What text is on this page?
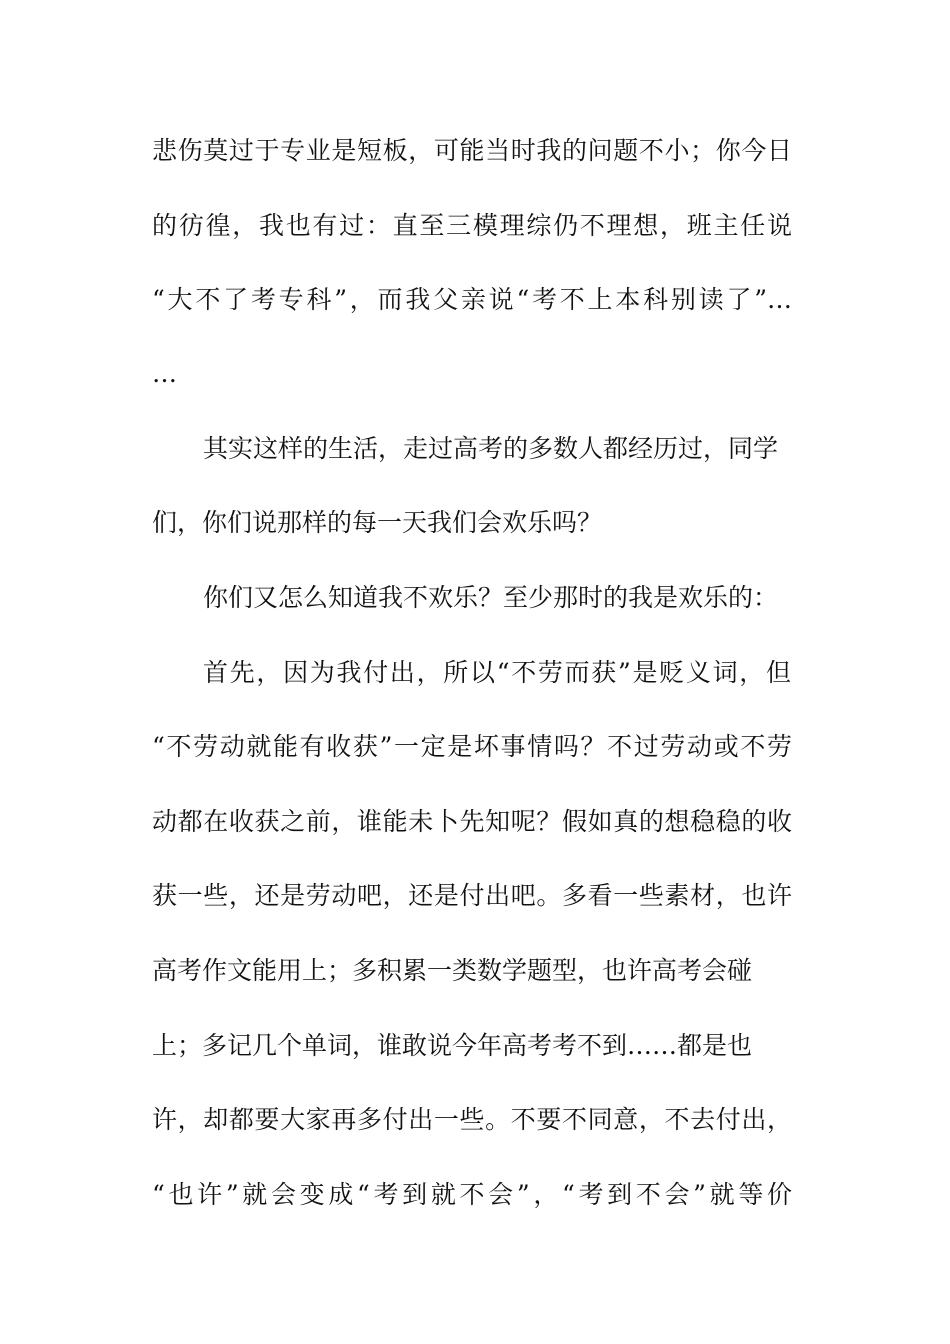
悲伤莫过于专业是短板，可能当时我的问题不小；你今日
的彷徨，我也有过：直至三模理综仍不理想，班主任说
“大不了考专科”，而我父亲说“考不上本科别读了”…
…
其实这样的生活，走过高考的多数人都经历过，同学
们，你们说那样的每一天我们会欢乐吗？
你们又怎么知道我不欢乐？至少那时的我是欢乐的：
首先，因为我付出，所以“不劳而获”是贬义词，但
“不劳动就能有收获”一定是坏事情吗？不过劳动或不劳
动都在收获之前，谁能未卜先知呢？假如真的想稳稳的收
获一些，还是劳动吧，还是付出吧。多看一些素材，也许
高考作文能用上；多积累一类数学题型，也许高考会碰
上；多记几个单词，谁敢说今年高考考不到……都是也
许，却都要大家再多付出一些。不要不同意，不去付出，
“也许”就会变成“考到就不会”，“考到不会”就等价
